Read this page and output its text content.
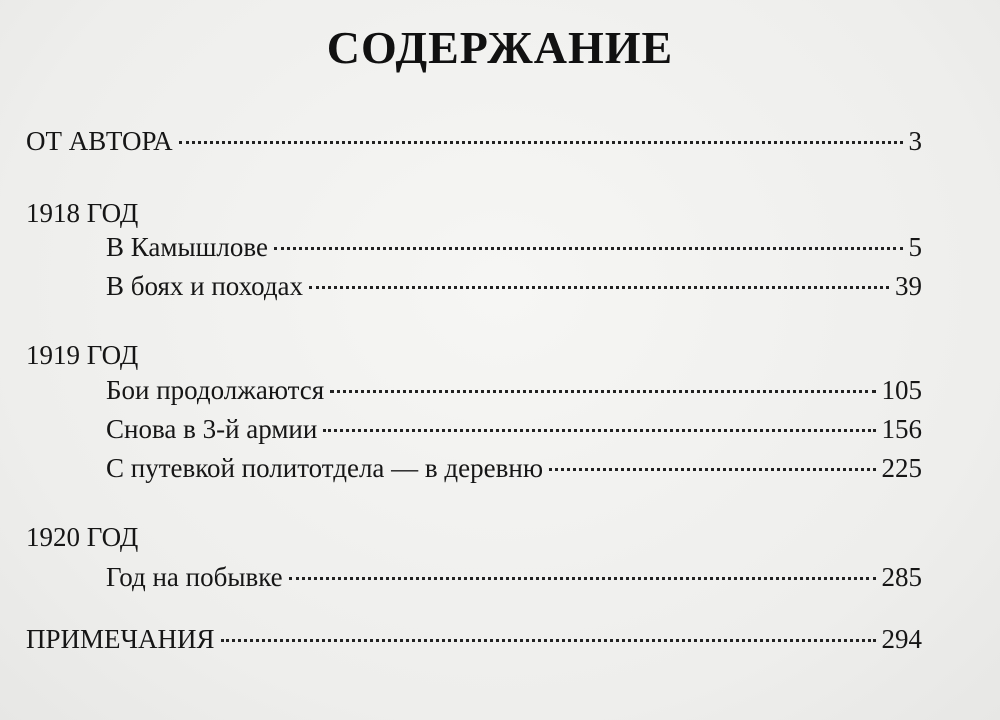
СОДЕРЖАНИЕ
ОТ АВТОРА	3
1918 ГОД
В Камышлове	5
В боях и походах	39
1919 ГОД
Бои продолжаются	105
Снова в 3-й армии	156
С путевкой политотдела — в деревню	225
1920 ГОД
Год на побывке	285
ПРИМЕЧАНИЯ	294
